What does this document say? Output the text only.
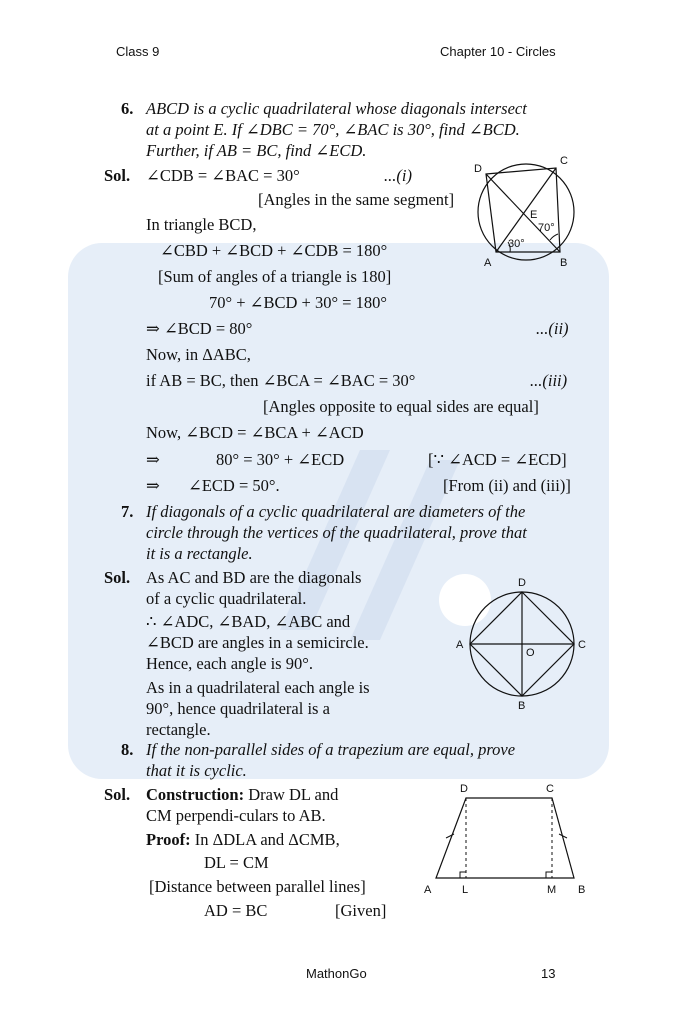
Class 9	Chapter 10 - Circles
6. ABCD is a cyclic quadrilateral whose diagonals intersect
at a point E. If ∠DBC = 70°, ∠BAC is 30°, find ∠BCD.
Further, if AB = BC, find ∠ECD.
Sol. ∠CDB = ∠BAC = 30°	...(i)
[Angles in the same segment]
In triangle BCD,
∠CBD + ∠BCD + ∠CDB = 180°
[Sum of angles of a triangle is 180]
70° + ∠BCD + 30° = 180°
⇒ ∠BCD = 80°	...(ii)
Now, in ΔABC,
if AB = BC, then ∠BCA = ∠BAC = 30°	...(iii)
[Angles opposite to equal sides are equal]
Now, ∠BCD = ∠BCA + ∠ACD
⇒	80° = 30° + ∠ECD	[∵ ∠ACD = ∠ECD]
⇒ ∠ECD = 50°.	[From (ii) and (iii)]
D
C
E
70°
30°
A	B
7. If diagonals of a cyclic quadrilateral are diameters of the
circle through the vertices of the quadrilateral, prove that
it is a rectangle.
Sol. As AC and BD are the diagonals
of a cyclic quadrilateral.
∴ ∠ADC, ∠BAD, ∠ABC and
∠BCD are angles in a semicircle.
Hence, each angle is 90°.
As in a quadrilateral each angle is
90°, hence quadrilateral is a
rectangle.
D
A
O
C
B
8. If the non-parallel sides of a trapezium are equal, prove
that it is cyclic.
Sol. Construction: Draw DL and
CM perpendi-culars to AB.
Proof: In ΔDLA and ΔCMB,
DL = CM
[Distance between parallel lines]
AD = BC	[Given]
D	C
A	L	M B
MathonGo	13
